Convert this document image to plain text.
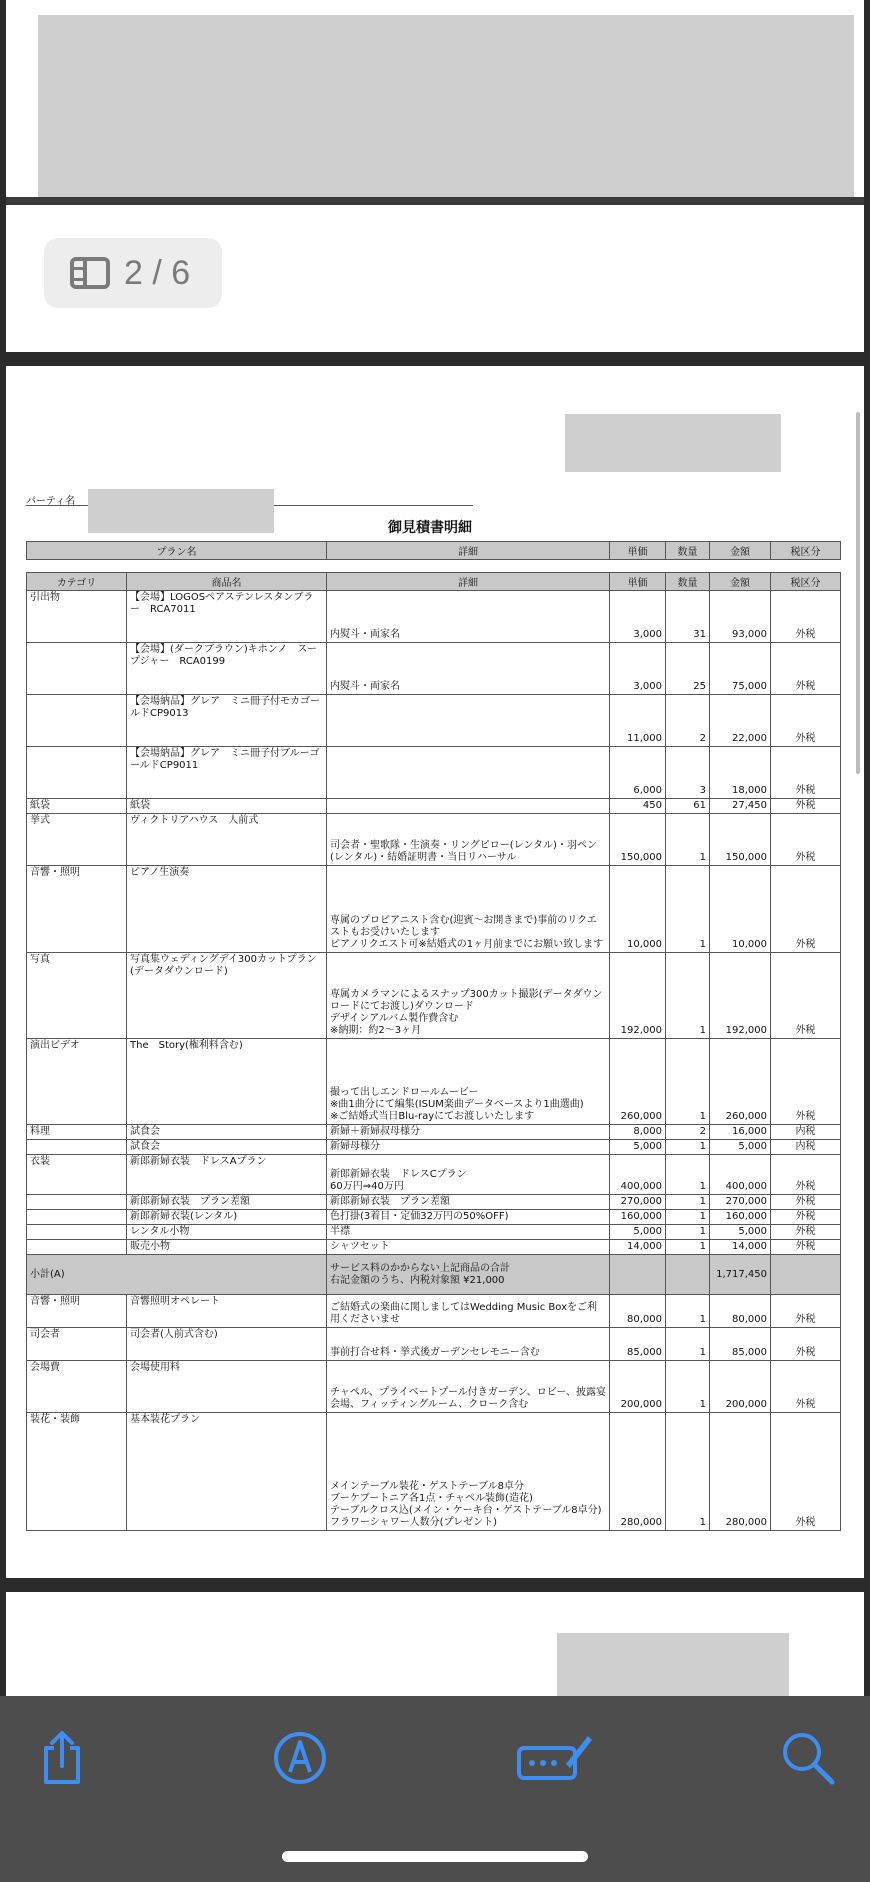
2 / 6
パーティ名
御見積書明細
プラン名	詳細	単価	数量	金額	税区分
カテゴリ	商品名	詳細	単価	数量	金額	税区分
引出物	【会場】LOGOSペアステンレスタンブラー　RCA7011	内熨斗・両家名	3,000	31	93,000	外税
	【会場】(ダークブラウン)キホンノ　スープジャー　RCA0199	内熨斗・両家名	3,000	25	75,000	外税
	【会場納品】グレア　ミニ冊子付モカゴールドCP9013		11,000	2	22,000	外税
	【会場納品】グレア　ミニ冊子付ブルーゴールドCP9011		6,000	3	18,000	外税
紙袋	紙袋		450	61	27,450	外税
挙式	ヴィクトリアハウス　人前式	司会者・聖歌隊・生演奏・リングピロー(レンタル)・羽ペン(レンタル)・結婚証明書・当日リハーサル	150,000	1	150,000	外税
音響・照明	ピアノ生演奏	専属のプロピアニスト含む(迎賓～お開きまで)事前のリクエストもお受けいたします
ピアノリクエスト可※結婚式の1ヶ月前までにお願い致します	10,000	1	10,000	外税
写真	写真集ウェディングデイ300カットプラン(データダウンロード)	専属カメラマンによるスナップ300カット撮影(データダウンロードにてお渡し)ダウンロード
デザインアルバム製作費含む
※納期：約2～3ヶ月	192,000	1	192,000	外税
演出ビデオ	The　Story(権利料含む)	撮って出しエンドロールムービー
※曲1曲分にて編集(ISUM楽曲データベースより1曲選曲)
※ご結婚式当日Blu-rayにてお渡しいたします	260,000	1	260,000	外税
料理	試食会	新婦＋新婦叔母様分	8,000	2	16,000	内税
	試食会	新婦母様分	5,000	1	5,000	内税
衣装	新郎新婦衣装　ドレスAプラン	新郎新婦衣装　ドレスCプラン
60万円⇒40万円	400,000	1	400,000	外税
	新郎新婦衣装　プラン差額	新郎新婦衣装　プラン差額	270,000	1	270,000	外税
	新郎新婦衣装(レンタル)	色打掛(3着目・定価32万円の50%OFF)	160,000	1	160,000	外税
	レンタル小物	半襟	5,000	1	5,000	外税
	販売小物	シャツセット	14,000	1	14,000	外税
小計(A)		サービス料のかからない上記商品の合計
右記金額のうち、内税対象額 ¥21,000			1,717,450	
音響・照明	音響照明オペレート	ご結婚式の楽曲に関しましてはWedding Music Boxをご利用くださいませ	80,000	1	80,000	外税
司会者	司会者(人前式含む)	事前打合せ料・挙式後ガーデンセレモニー含む	85,000	1	85,000	外税
会場費	会場使用料	チャペル、プライベートプール付きガーデン、ロビー、披露宴会場、フィッティングルーム、クローク含む	200,000	1	200,000	外税
装花・装飾	基本装花プラン	メインテーブル装花・ゲストテーブル8卓分
ブーケブートニア各1点・チャペル装飾(造花)
テーブルクロス込(メイン・ケーキ台・ゲストテーブル8卓分)
フラワーシャワー人数分(プレゼント)	280,000	1	280,000	外税
